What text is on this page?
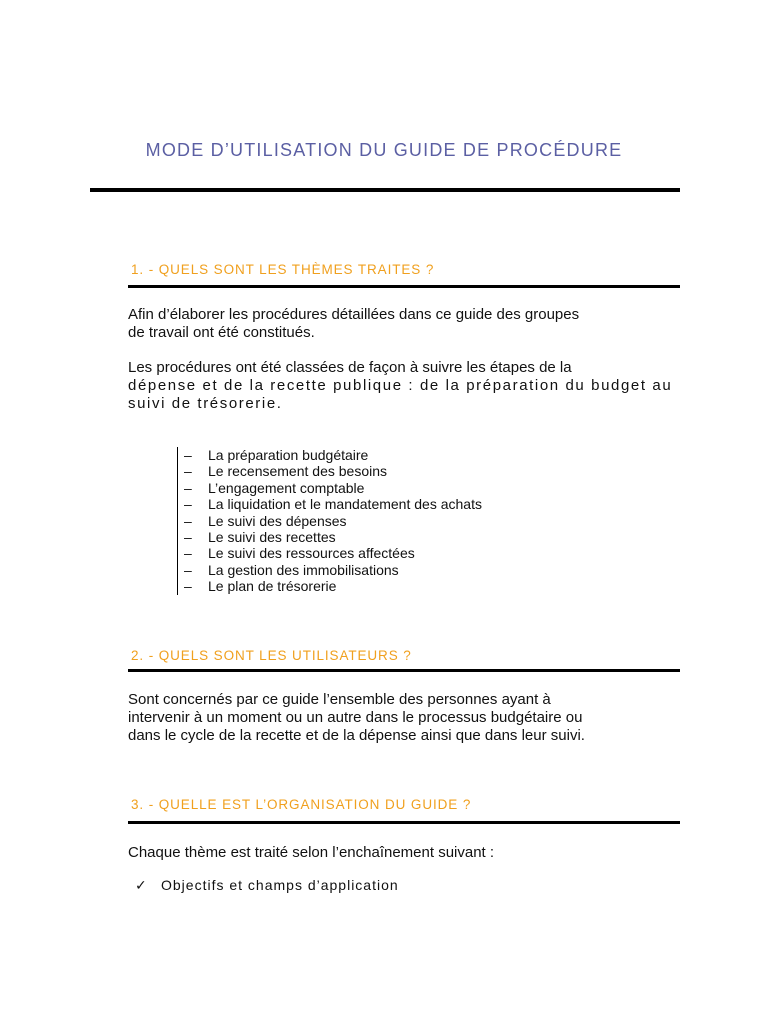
MODE D’UTILISATION DU GUIDE DE PROCÉDURE
1. - QUELS SONT LES THÈMES TRAITES ?

Afin d’élaborer les procédures détaillées dans ce guide des groupes
de travail ont été constitués.

Les procédures ont été classées de façon à suivre les étapes de la
dépense et de la recette publique : de la préparation du budget au
suivi de trésorerie.

– La préparation budgétaire
– Le recensement des besoins
– L’engagement comptable
– La liquidation et le mandatement des achats
– Le suivi des dépenses
– Le suivi des recettes
– Le suivi des ressources affectées
– La gestion des immobilisations
– Le plan de trésorerie
2. - QUELS SONT LES UTILISATEURS ?

Sont concernés par ce guide l’ensemble des personnes ayant à
intervenir à un moment ou un autre dans le processus budgétaire ou
dans le cycle de la recette et de la dépense ainsi que dans leur suivi.

3. - QUELLE EST L’ORGANISATION DU GUIDE ?

Chaque thème est traité selon l’enchaînement suivant :

✓ Objectifs et champs d’application
